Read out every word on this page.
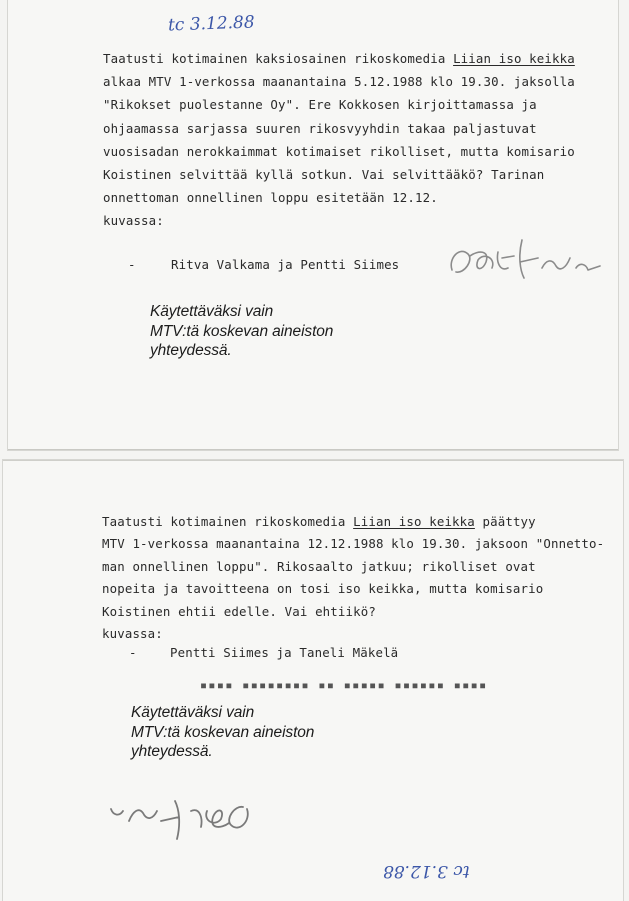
tc 3.12.88
Taatusti kotimainen kaksiosainen rikoskomedia Liian iso keikka
alkaa MTV 1-verkossa maanantaina 5.12.1988 klo 19.30. jaksolla
"Rikokset puolestanne Oy". Ere Kokkosen kirjoittamassa ja
ohjaamassa sarjassa suuren rikosvyyhdin takaa paljastuvat
vuosisadan nerokkaimmat kotimaiset rikolliset, mutta komisario
Koistinen selvittää kyllä sotkun. Vai selvittääkö? Tarinan
onnettoman onnellinen loppu esitetään 12.12.
kuvassa:
-	Ritva Valkama ja Pentti Siimes
Käytettäväksi vain
MTV:tä koskevan aineiston
yhteydessä.
Taatusti kotimainen rikoskomedia Liian iso keikka päättyy
MTV 1-verkossa maanantaina 12.12.1988 klo 19.30. jaksoon "Onnetto-
man onnellinen loppu". Rikosaalto jatkuu; rikolliset ovat
nopeita ja tavoitteena on tosi iso keikka, mutta komisario
Koistinen ehtii edelle. Vai ehtiikö?
kuvassa:
-	Pentti Siimes ja Taneli Mäkelä

▪▪▪▪ ▪▪▪▪▪▪▪▪ ▪▪ ▪▪▪▪▪ ▪▪▪▪▪▪ ▪▪▪▪

Käytettäväksi vain
MTV:tä koskevan aineiston
yhteydessä.
tc 3.12.88
